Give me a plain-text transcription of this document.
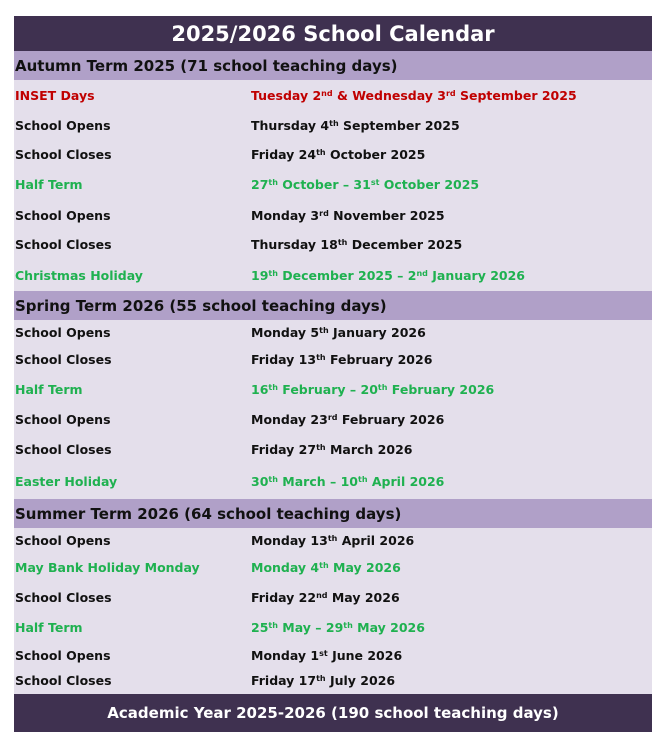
2025/2026 School Calendar
Autumn Term 2025 (71 school teaching days)
INSET Days	Tuesday 2nd & Wednesday 3rd September 2025
School Opens	Thursday 4th September 2025
School Closes	Friday 24th October 2025
Half Term	27th October – 31st October 2025
School Opens	Monday 3rd November 2025
School Closes	Thursday 18th December 2025
Christmas Holiday	19th December 2025 – 2nd January 2026
Spring Term 2026 (55 school teaching days)
School Opens	Monday 5th January 2026
School Closes	Friday 13th February 2026
Half Term	16th February – 20th February 2026
School Opens	Monday 23rd February 2026
School Closes	Friday 27th March 2026
Easter Holiday	30th March – 10th April 2026
Summer Term 2026 (64 school teaching days)
School Opens	Monday 13th April 2026
May Bank Holiday Monday	Monday 4th May 2026
School Closes	Friday 22nd May 2026
Half Term	25th May – 29th May 2026
School Opens	Monday 1st June 2026
School Closes	Friday 17th July 2026
Academic Year 2025-2026 (190 school teaching days)
